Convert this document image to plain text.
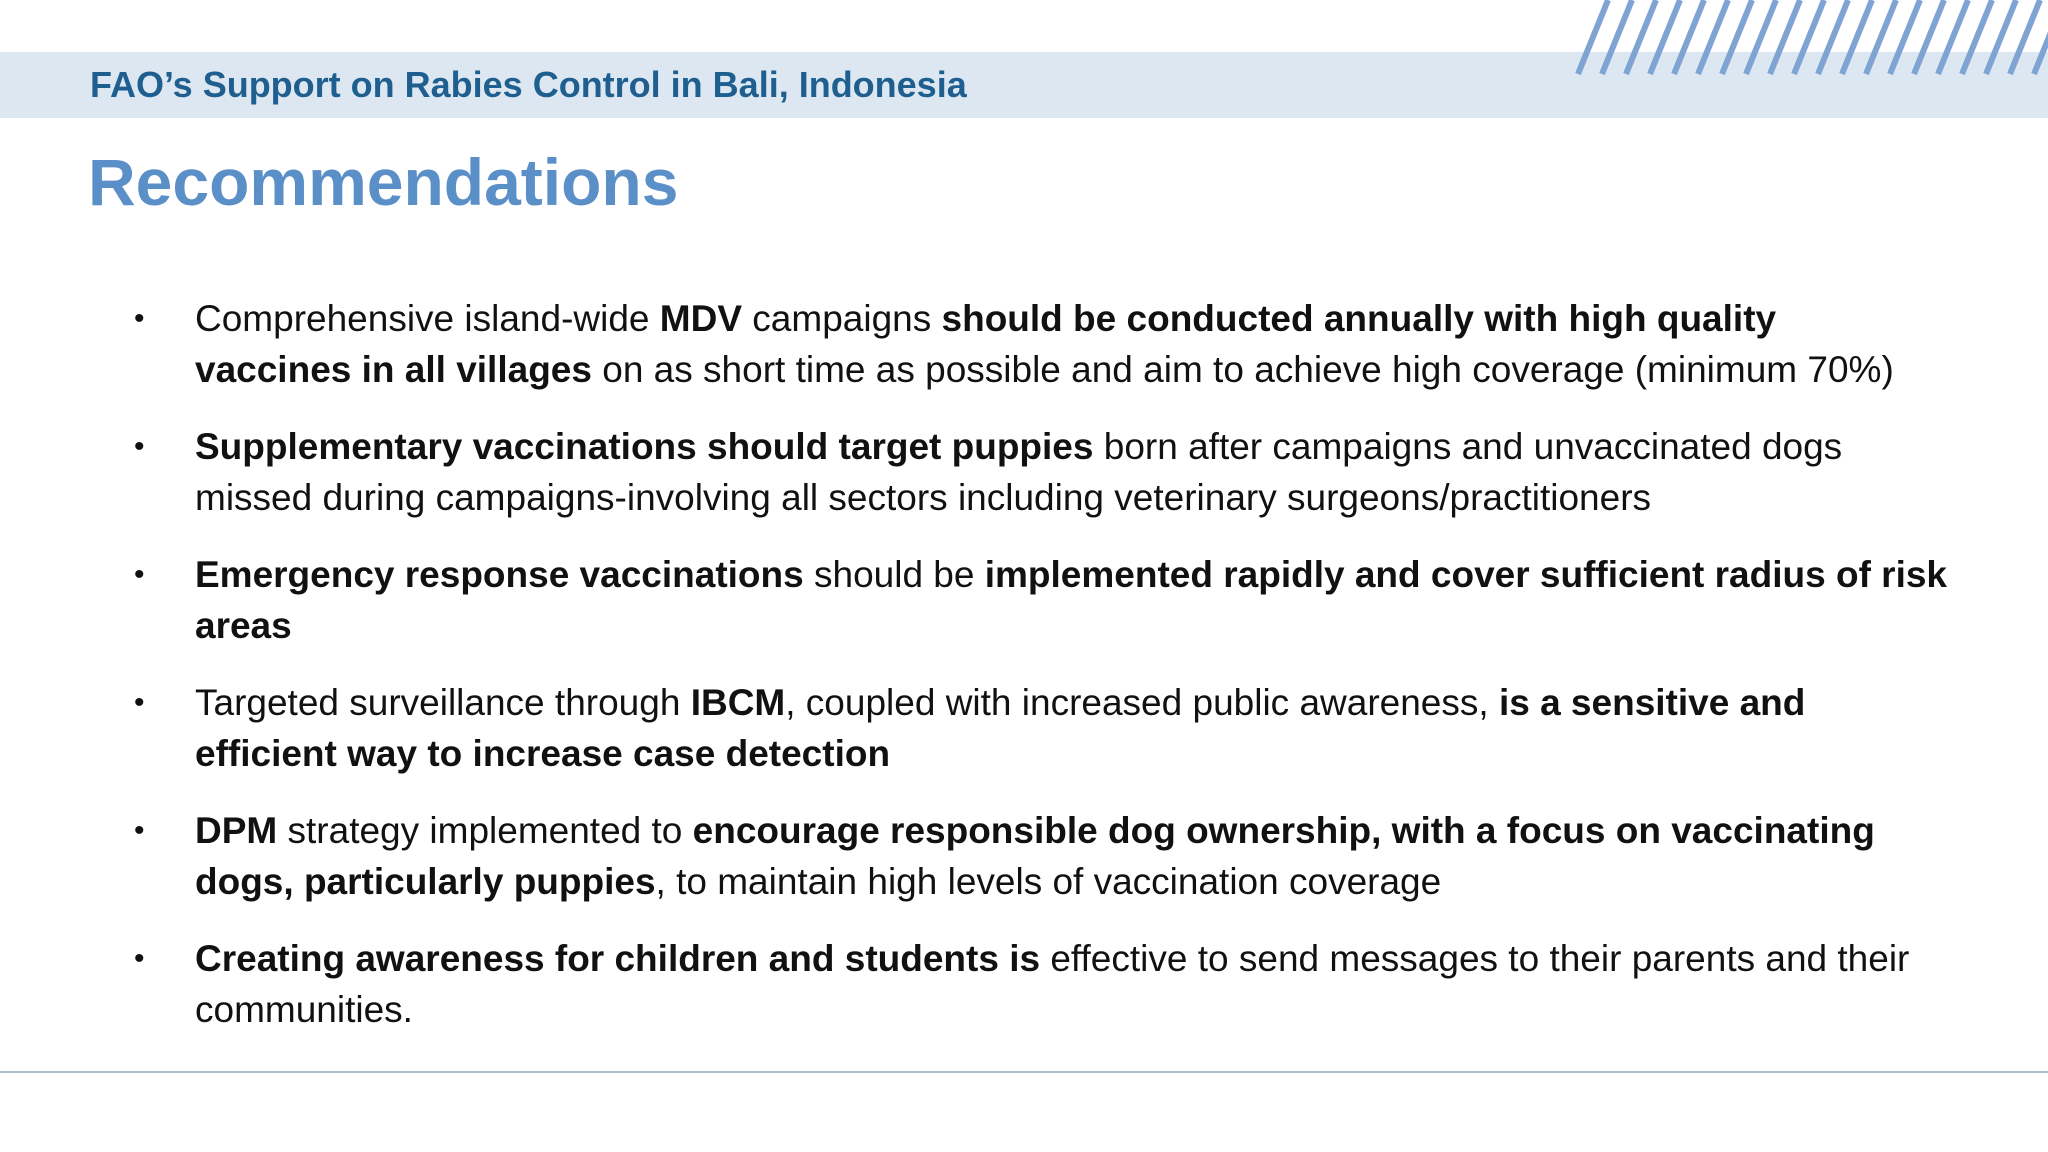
FAO’s Support on Rabies Control in Bali, Indonesia
Recommendations
•	Comprehensive island-wide MDV campaigns should be conducted annually with high quality
vaccines in all villages on as short time as possible and aim to achieve high coverage (minimum 70%)
•	Supplementary vaccinations should target puppies born after campaigns and unvaccinated dogs
missed during campaigns-involving all sectors including veterinary surgeons/practitioners
•	Emergency response vaccinations should be implemented rapidly and cover sufficient radius of risk
areas
•	Targeted surveillance through IBCM, coupled with increased public awareness, is a sensitive and
efficient way to increase case detection
•	DPM strategy implemented to encourage responsible dog ownership, with a focus on vaccinating
dogs, particularly puppies, to maintain high levels of vaccination coverage
•	Creating awareness for children and students is effective to send messages to their parents and their
communities.
